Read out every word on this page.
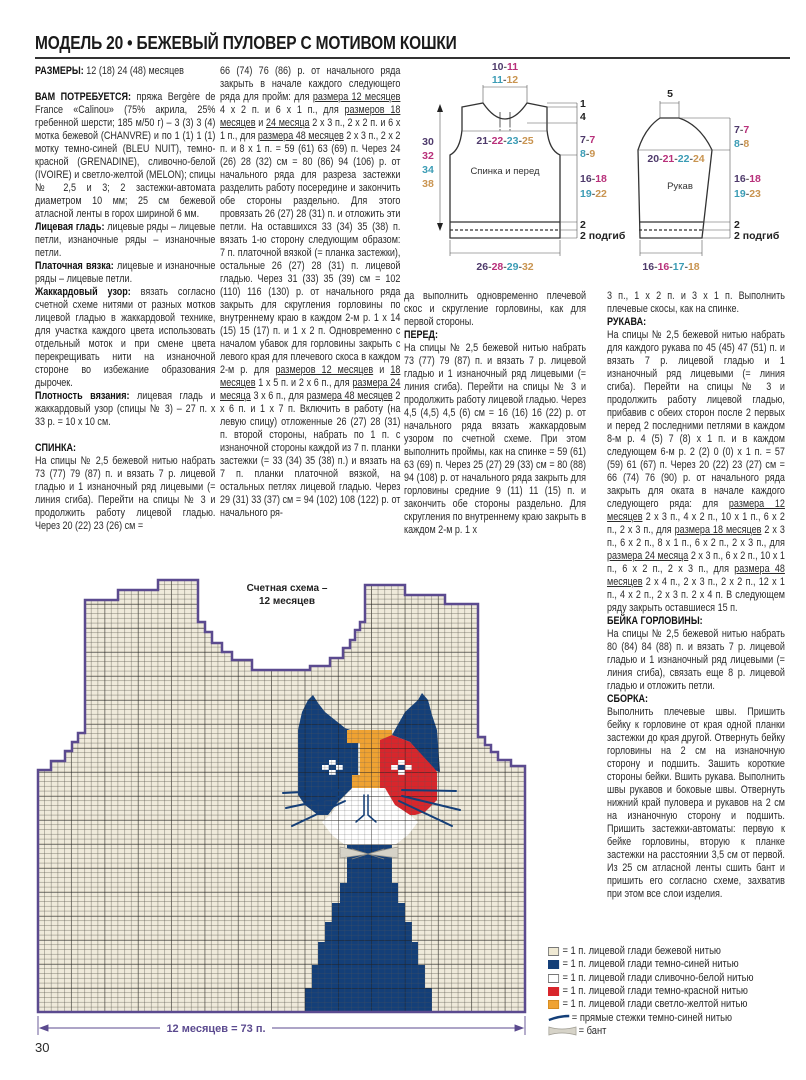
МОДЕЛЬ 20 • БЕЖЕВЫЙ ПУЛОВЕР С МОТИВОМ КОШКИ

РАЗМЕРЫ: 12 (18) 24 (48) месяцев

ВАМ ПОТРЕБУЕТСЯ: пряжа Bergère de France «Calinou» (75% акрила, 25% гребенной шерсти; 185 м/50 г) – 3 (3) 3 (4) мотка бежевой (CHANVRE) и по 1 (1) 1 (1) мотку темно-синей (BLEU NUIT), темно-красной (GRENADINE), сливочно-белой (IVOIRE) и светло-желтой (MELON); спицы № 2,5 и 3; 2 застежки-автомата диаметром 10 мм; 25 см бежевой атласной ленты в горох шириной 6 мм.

Лицевая гладь: лицевые ряды – лицевые петли, изнаночные ряды – изнаночные петли.

Платочная вязка: лицевые и изнаночные ряды – лицевые петли.

Жаккардовый узор: вязать согласно счетной схеме нитями от разных мотков лицевой гладью в жаккардовой технике, для участка каждого цвета использовать отдельный моток и при смене цвета перекрещивать нити на изнаночной стороне во избежание образования дырочек.

Плотность вязания: лицевая гладь и жаккардовый узор (спицы № 3) – 27 п. х 33 р. = 10 х 10 см.

СПИНКА:

На спицы № 2,5 бежевой нитью набрать 73 (77) 79 (87) п. и вязать 7 р. лицевой гладью и 1 изнаночный ряд лицевыми (= линия сгиба). Перейти на спицы № 3 и продолжить работу лицевой гладью. Через 20 (22) 23 (26) см =

66 (74) 76 (86) р. от начального ряда закрыть в начале каждого следующего ряда для пройм: для размера 12 месяцев 4 х 2 п. и 6 х 1 п., для размеров 18 месяцев и 24 месяца 2 х 3 п., 2 х 2 п. и 6 х 1 п., для размера 48 месяцев 2 х 3 п., 2 х 2 п. и 8 х 1 п. = 59 (61) 63 (69) п. Через 24 (26) 28 (32) см = 80 (86) 94 (106) р. от начального ряда для разреза застежки разделить работу посередине и закончить обе стороны раздельно. Для этого провязать 26 (27) 28 (31) п. и отложить эти петли. На оставшихся 33 (34) 35 (38) п. вязать 1-ю сторону следующим образом: 7 п. платочной вязкой (= планка застежки), остальные 26 (27) 28 (31) п. лицевой гладью. Через 31 (33) 35 (39) см = 102 (110) 116 (130) р. от начального ряда закрыть для скругления горловины по внутреннему краю в каждом 2-м р. 1 х 14 (15) 15 (17) п. и 1 х 2 п. Одновременно с началом убавок для горловины закрыть с левого края для плечевого скоса в каждом 2-м р. для размеров 12 месяцев и 18 месяцев 1 х 5 п. и 2 х 6 п., для размера 24 месяца 3 х 6 п., для размера 48 месяцев 2 х 6 п. и 1 х 7 п. Включить в работу (на левую спицу) отложенные 26 (27) 28 (31) п. второй стороны, набрать по 1 п. с изнаночной стороны каждой из 7 п. планки застежки (= 33 (34) 35 (38) п.) и вязать на 7 п. планки платочной вязкой, на остальных петлях лицевой гладью. Через 29 (31) 33 (37) см = 94 (102) 108 (122) р. от начального ря-

да выполнить одновременно плечевой скос и скругление горловины, как для первой стороны.

ПЕРЕД:

На спицы № 2,5 бежевой нитью набрать 73 (77) 79 (87) п. и вязать 7 р. лицевой гладью и 1 изнаночный ряд лицевыми (= линия сгиба). Перейти на спицы № 3 и продолжить работу лицевой гладью. Через 4,5 (4,5) 4,5 (6) см = 16 (16) 16 (22) р. от начального ряда вязать жаккардовым узором по счетной схеме. При этом выполнить проймы, как на спинке = 59 (61) 63 (69) п. Через 25 (27) 29 (33) см = 80 (88) 94 (108) р. от начального ряда закрыть для горловины средние 9 (11) 11 (15) п. и закончить обе стороны раздельно. Для скругления по внутреннему краю закрыть в каждом 2-м р. 1 х

3 п., 1 х 2 п. и 3 х 1 п. Выполнить плечевые скосы, как на спинке.

РУКАВА:

На спицы № 2,5 бежевой нитью набрать для каждого рукава по 45 (45) 47 (51) п. и вязать 7 р. лицевой гладью и 1 изнаночный ряд лицевыми (= линия сгиба). Перейти на спицы № 3 и продолжить работу лицевой гладью, прибавив с обеих сторон после 2 первых и перед 2 последними петлями в каждом 8-м р. 4 (5) 7 (8) х 1 п. и в каждом следующем 6-м р. 2 (2) 0 (0) х 1 п. = 57 (59) 61 (67) п. Через 20 (22) 23 (27) см = 66 (74) 76 (90) р. от начального ряда закрыть для оката в начале каждого следующего ряда: для размера 12 месяцев 2 х 3 п., 4 х 2 п., 10 х 1 п., 6 х 2 п., 2 х 3 п., для размера 18 месяцев 2 х 3 п., 6 х 2 п., 8 х 1 п., 6 х 2 п., 2 х 3 п., для размера 24 месяца 2 х 3 п., 6 х 2 п., 10 х 1 п., 6 х 2 п., 2 х 3 п., для размера 48 месяцев 2 х 4 п., 2 х 3 п., 2 х 2 п., 12 х 1 п., 4 х 2 п., 2 х 3 п. 2 х 4 п. В следующем ряду закрыть оставшиеся 15 п.

БЕЙКА ГОРЛОВИНЫ:

На спицы № 2,5 бежевой нитью набрать 80 (84) 84 (88) п. и вязать 7 р. лицевой гладью и 1 изнаночный ряд лицевыми (= линия сгиба), связать еще 8 р. лицевой гладью и отложить петли.

СБОРКА:

Выполнить плечевые швы. Пришить бейку к горловине от края одной планки застежки до края другой. Отвернуть бейку горловины на 2 см на изнаночную сторону и подшить. Зашить короткие стороны бейки. Вшить рукава. Выполнить швы рукавов и боковые швы. Отвернуть нижний край пуловера и рукавов на 2 см на изнаночную сторону и подшить. Пришить застежки-автоматы: первую к бейке горловины, вторую к планке застежки на расстоянии 3,5 см от первой. Из 25 см атласной ленты сшить бант и пришить его согласно схеме, захватив при этом все слои изделия.

10-11
11-12
30
32
34
38
21-22-23-25
1
4
7-7
8-9
16-18
19-22
2
2 подгиб
26-28-29-32
Спинка и перед
5
20-21-22-24
7-7
8-8
16-18
19-23
2
2 подгиб
16-16-17-18
Рукав
Счетная схема –
12 месяцев
12 месяцев = 73 п.
= 1 п. лицевой глади бежевой нитью
= 1 п. лицевой глади темно-синей нитью
= 1 п. лицевой глади сливочно-белой нитью
= 1 п. лицевой глади темно-красной нитью
= 1 п. лицевой глади светло-желтой нитью
= прямые стежки темно-синей нитью
= бант
30
